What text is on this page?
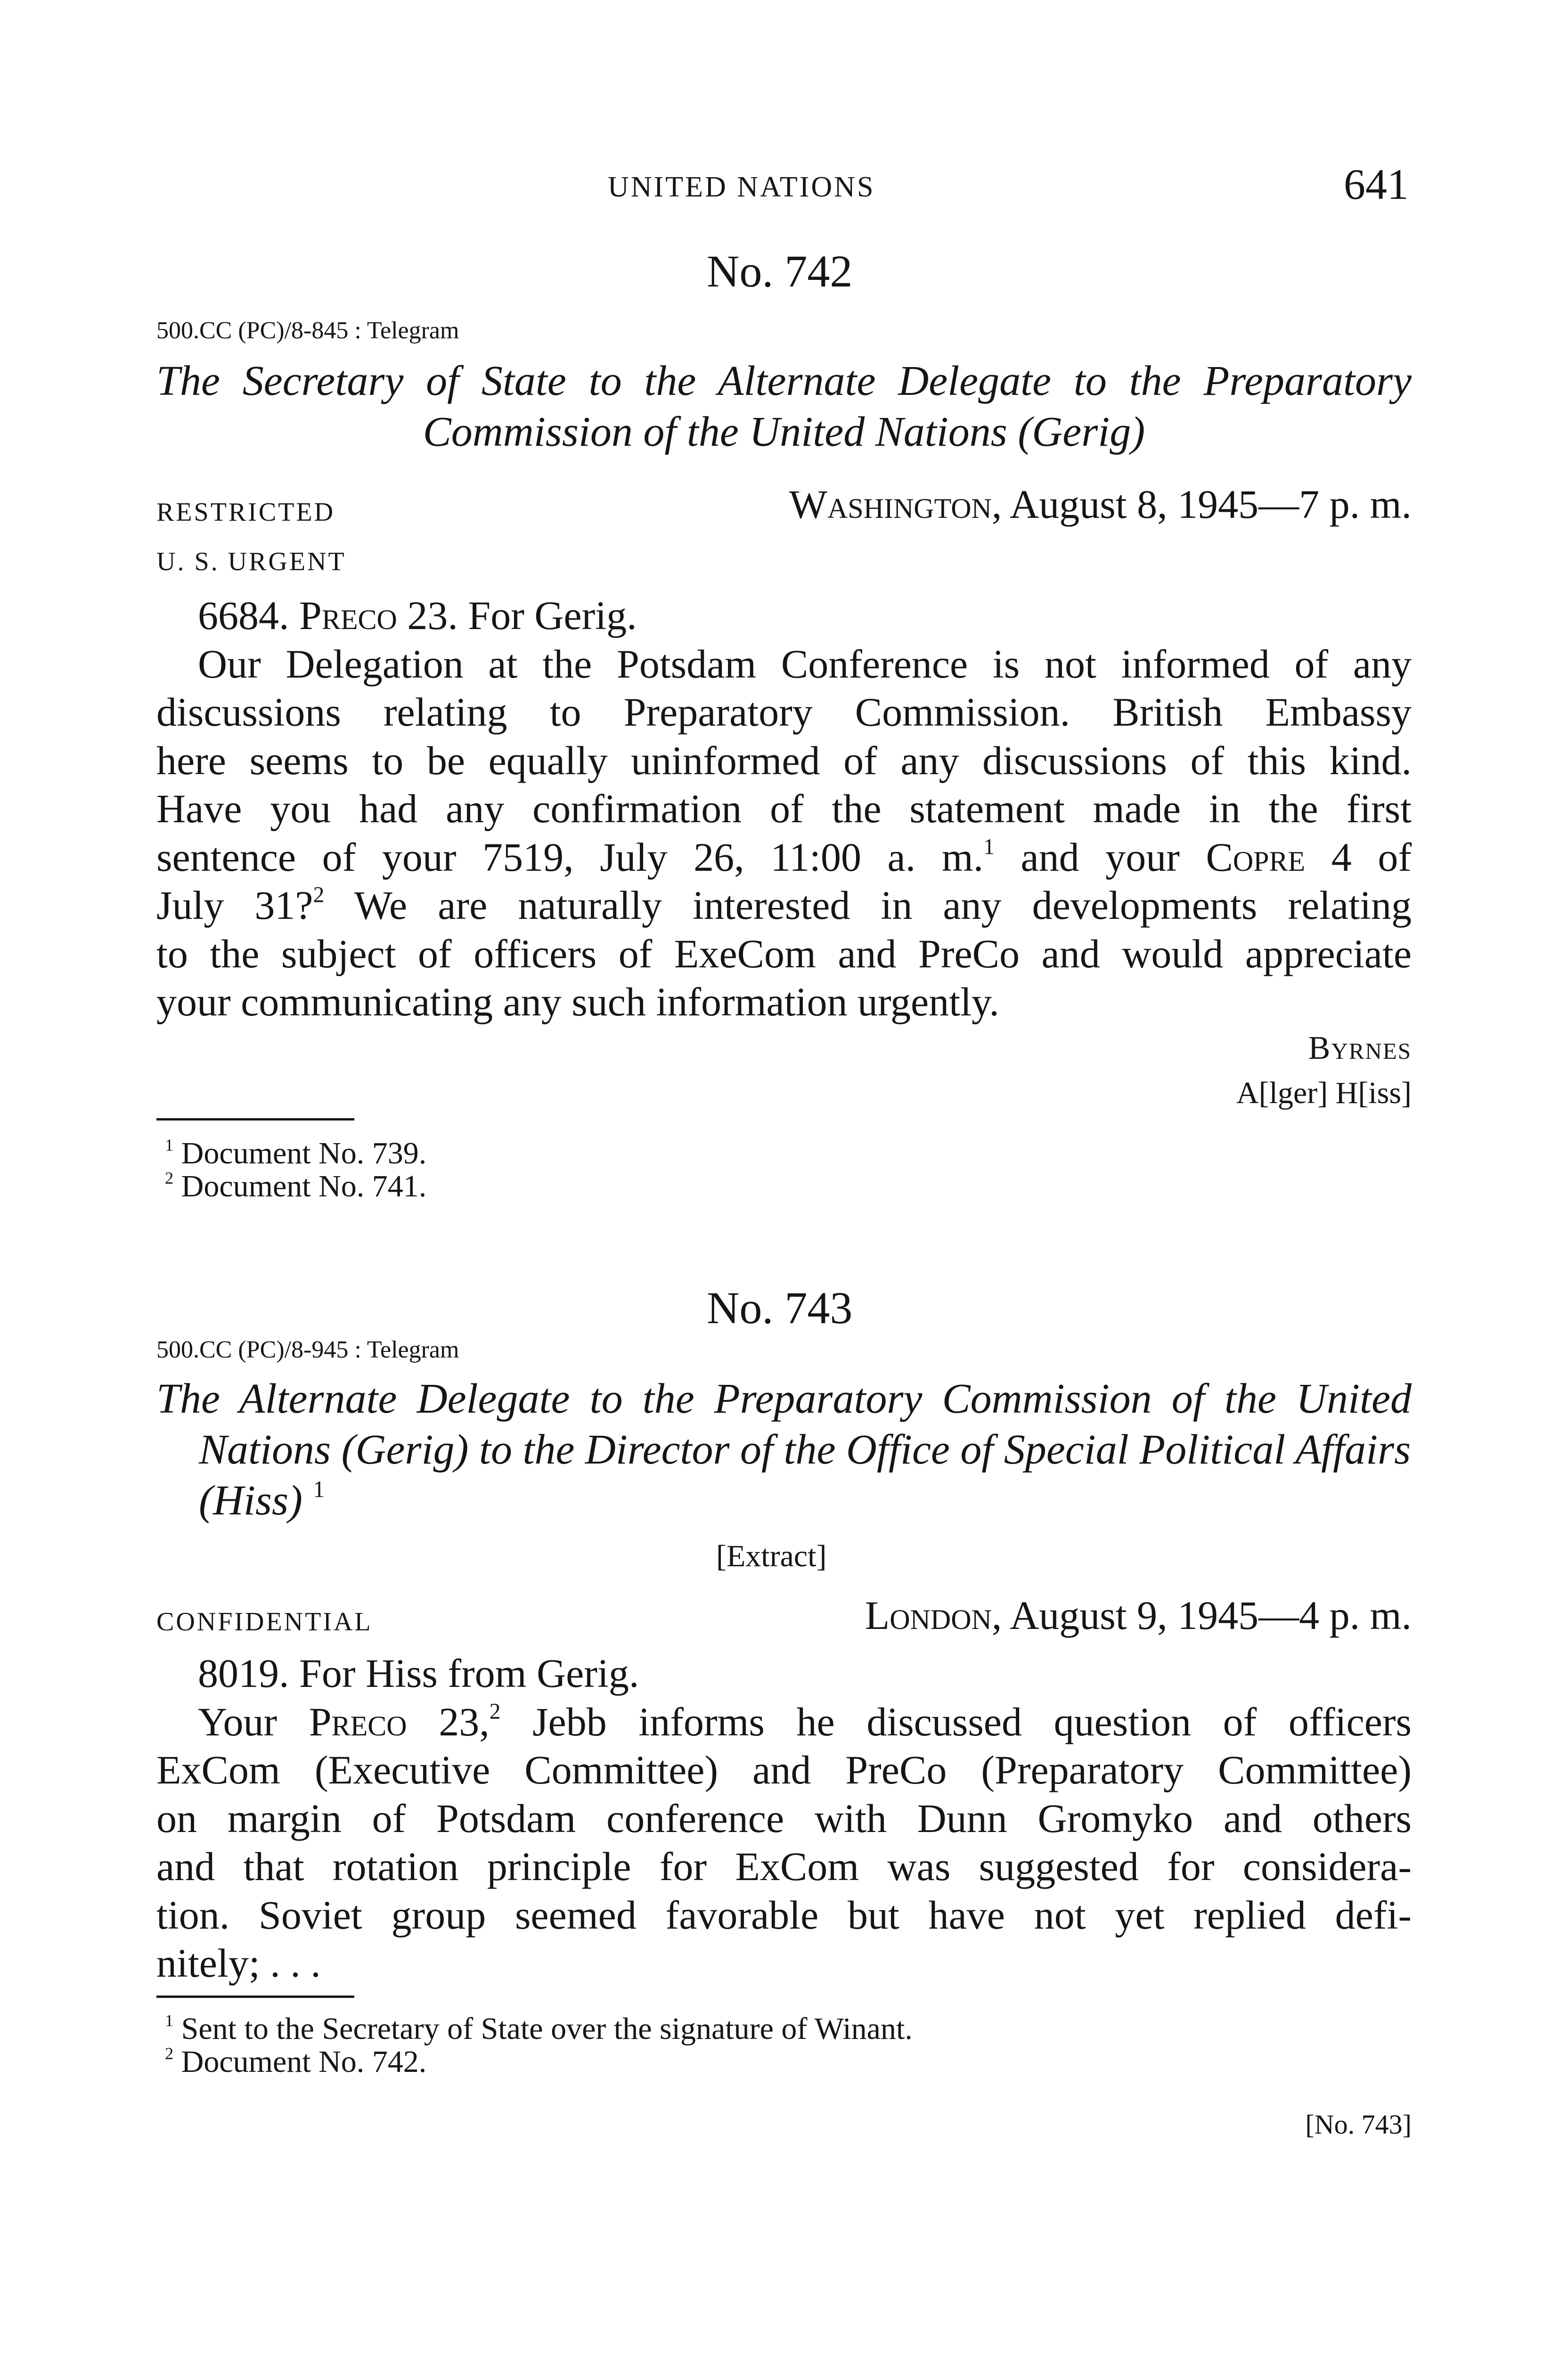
UNITED NATIONS	641
No. 742
500.CC (PC)/8-845 : Telegram
The Secretary of State to the Alternate Delegate to the Preparatory
Commission of the United Nations (Gerig)
RESTRICTED	Washington, August 8, 1945—7 p. m.
U. S. URGENT
6684. Preco 23. For Gerig.
Our Delegation at the Potsdam Conference is not informed of any
discussions relating to Preparatory Commission. British Embassy
here seems to be equally uninformed of any discussions of this kind.
Have you had any confirmation of the statement made in the first
sentence of your 7519, July 26, 11:00 a. m.$^1$ and your Copre 4 of
July 31?$^2$ We are naturally interested in any developments relating
to the subject of officers of ExeCom and PreCo and would appreciate
your communicating any such information urgently.
Byrnes
A[lger] H[iss]
$^1$ Document No. 739.
$^2$ Document No. 741.
No. 743
500.CC (PC)/8-945 : Telegram
The Alternate Delegate to the Preparatory Commission of the United
Nations (Gerig) to the Director of the Office of Special Political Affairs
(Hiss) $^1$
[Extract]
CONFIDENTIAL	London, August 9, 1945—4 p. m.
8019. For Hiss from Gerig.
Your Preco 23,$^2$ Jebb informs he discussed question of officers
ExCom (Executive Committee) and PreCo (Preparatory Committee)
on margin of Potsdam conference with Dunn Gromyko and others
and that rotation principle for ExCom was suggested for considera-
tion. Soviet group seemed favorable but have not yet replied defi-
nitely; . . .
$^1$ Sent to the Secretary of State over the signature of Winant.
$^2$ Document No. 742.
[No. 743]
